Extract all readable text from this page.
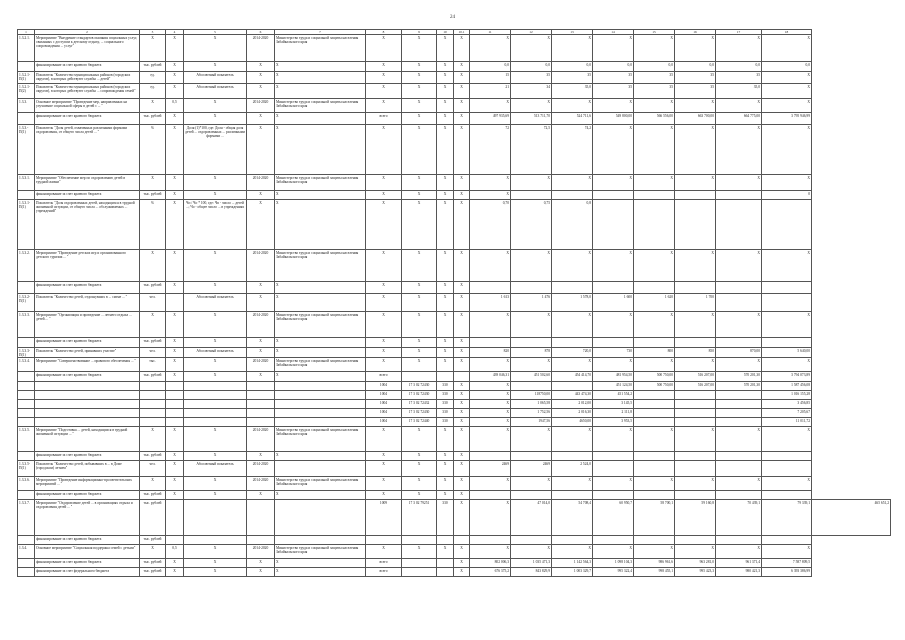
24
1	2	3	4	5	6	7	8	9	10	10.1	11	12	13	14	15	16	17	18	
1.3.2.1.	Мероприятие "Внедрение стандартов оказания социальных услуг, связанных с доступом к детскому отдыху, ... социального сопровождения ... услуг"	X	X	X	2014-2020	Министерство труда и социальной защиты населения Забайкальского края	X	X	X	X	X	X	X	X	X	X	X	X	
	финансирование за счет краевого бюджета	тыс. рублей	X	X	X	X	X	X	X	X	0,0	0,0	0,0	0,0	0,0	0,0	0,0	0,0	
1.3.2.1-П(1)	Показатель "Количество муниципальных районов (городских округов), в которых действуют службы ... детей"	ед.	X	Абсолютный показатель	X	X	X	X	X	X	15	35	35	35	35	35	35	X	
1.3.2.1-П(2)	Показатель "Количество муниципальных районов (городских округов), в которых действуют службы ... сопровождения семей"	ед.	X	Абсолютный показатель	X	X	X	X	X	X	21	34	35,0	35	35	35	35,0	X	
1.3.3.	Основное мероприятие "Проведение мер, направленных на улучшение социальной сферы в детей с ... "	X	0,5	X	2014-2020	Министерство труда и социальной защиты населения Забайкальского края	X	X	X	X	X	X	X	X	X	X	X	X	
	финансирование за счет краевого бюджета	тыс. рублей	X	X	X	X	всего	X	X	X	497 935,69	513 711,70	524 711,6	549 800,00	566 556,00	663 700,00	664 775,00	3 795 946,99	
1.3.3.-П(1)	Показатель "Доля детей, охваченных различными формами оздоровления, от общего числа детей ... "	%	X	Доля (1)*100, где: Доля - общая доля детей ... оздоровленных ... различными формами ...	X	X	X	X	X	X	72	72,5	74,2	X	X	X	X	X	
1.3.3.1.	Мероприятие "Обеспечение мер по оздоровлению детей в трудной жизни"	X	X	X	2014-2020	Министерство труда и социальной защиты населения Забайкальского края	X	X	X	X	X	X	X	X	X	X	X	X	
	финансирование за счет краевого бюджета	тыс. рублей	X	X	X	X	X	X	X	X	X							0	
1.3.3.1-П(1)	Показатель "Доля оздоровленных детей, находящихся в трудной жизненной ситуации, от общего числа ... обслуживаемых ... учреждений"	%	X	Чп / Чо * 100, где: Чп - число ... детей ...; Чо - общее число ... в учреждениях	X	X	X	X	X	X	0,70	0,75	0,8						
1.3.3.2.	Мероприятие "Проведение детских игр и организованного детского туризма ... "	X	X	X	2014-2020	Министерство труда и социальной защиты населения Забайкальского края	X	X	X	X	X	X	X	X	X	X	X	X	
	финансирование за счет краевого бюджета	тыс. рублей	X	X	X	X	X	X	X	X									
1.3.3.2-П(1)	Показатель "Количество детей, отдохнувших в ... смене ... "	чел.		Абсолютный показатель	X	X	X	X	X	X	1 613	1 476	1 578,0	1 600	1 620	1 700			
1.3.3.3.	Мероприятие "Организация и проведение ... летнего отдыха ... детей ... "	X	X	X	2014-2020	Министерство труда и социальной защиты населения Забайкальского края	X	X	X	X	X	X	X	X	X	X	X	X	
	финансирование за счет краевого бюджета	тыс. рублей	X	X	X	X	X	X	X	X									
1.3.3.3-П(1)	Показатель "Количество детей, принявших участие"	чел.	X	Абсолютный показатель	X	X	X	X	X	X	820	878	720,0	730	800	850	870,00	5 640,00	
1.3.3.4.	Мероприятие "Совершенствование ... правового обеспечения ... "	тыс.	X	X	2014-2020	Министерство труда и социальной защиты населения Забайкальского края	X	X	X	X	X	X	X	X	X	X	X	X	
	финансирование за счет краевого бюджета	тыс. рублей	X	X	X	X	всего				439 046,31	451 502,60	454 414,70	481 954,50	500 750,00	516 207,00	570 201,30	3 794 073,89	
							1004	17 3 02 72430	330	X	X			451 124,50	500 750,00	516 207,00	570 201,30	1 587 456,08	
							1004	17 3 02 72430	330	X	X	118750,00	443 474,30	451 554,2				1 016 155,28	
							1004	17 3 02 72432	330	X	X	1 065,58	2 012,00	3 145,5				3 456,85	
							1004	17 3 02 72430	330	X	X	1 752,56	2 016,30	2 111,8				7 205,67	
							1004	17 3 02 72440	330	X	X	1947,56	4650,00	3 953,5				11 011,72	
1.3.3.5.	Мероприятие "Подготовка ... детей, находящихся в трудной жизненной ситуации ... "	X	X	X	2014-2020	Министерство труда и социальной защиты населения Забайкальского края	X	X	X	X	X	X	X	X	X	X	X	X	
	финансирование за счет краевого бюджета	тыс. рублей	X	X	X	X	X	X	X	X									
1.3.3.5-П(1)	Показатель "Количество детей, побывавших в ... в Доме (городском) летнем"	чел.	X	Абсолютный показатель	2014-2020		X	X	X	X	2469	2469	2 524,0						
1.3.3.6.	Мероприятие "Проведение информационно-просветительских мероприятий ... "	X	X	X	2014-2020	Министерство труда и социальной защиты населения Забайкальского края	X	X	X	X	X	X	X	X	X	X	X	X	
	финансирование за счет краевого бюджета	тыс. рублей	X	X	X	X	X	X	X	X									
1.3.3.7.	Мероприятие "Оздоровление детей ... в организациях отдыха и оздоровления детей ... "	тыс. рублей					1009	17 3 02 79251	330	X	X	47 014,0	54 708,4	60 950,7	58 700,1	59 160,8	70 439,1	79 339,1	465 651,2
	финансирование за счет краевого бюджета	тыс. рублей																	
1.3.4.	Основное мероприятие "Социальная поддержка семей с детьми"	X	0,5	X	2014-2020	Министерство труда и социальной защиты населения Забайкальского края	X	X	X	X	X	X	X	X	X	X	X	X	
	финансирование за счет краевого бюджета	тыс. рублей	X	X	X	X	всего			X	802 006,3	1 035 471,3	1 142 564,3	1 098 104,3	986 961,6	963 281,0	961 371,4	7 587 809,5	
	финансирование за счет федерального бюджета	тыс. рублей	X	X	X	X	всего			X	676 375,2	843 829,9	1 003 329,7	995 322,4	998 455,1	995 423,3	980 421,3	6 393 386,99	
